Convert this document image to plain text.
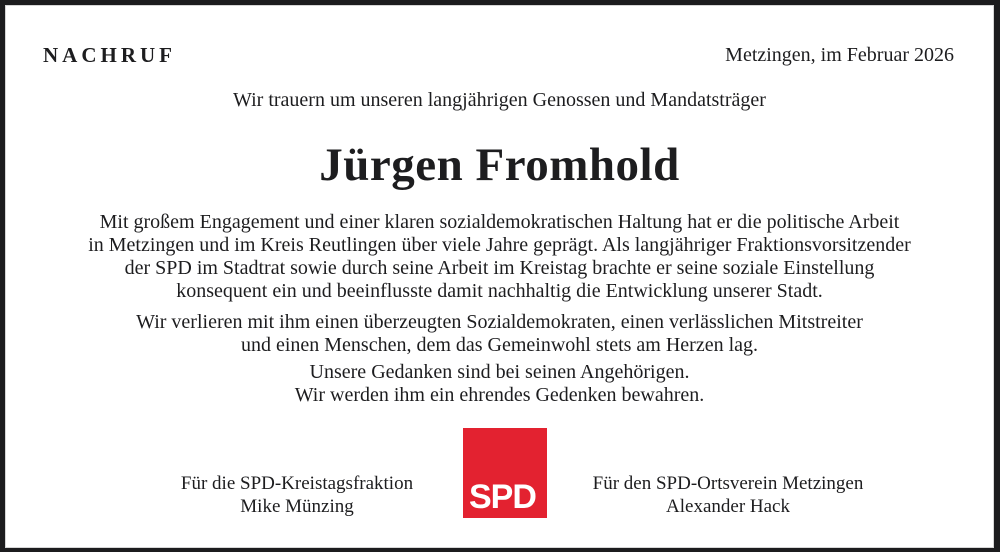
NACHRUF	Metzingen, im Februar 2026
Wir trauern um unseren langjährigen Genossen und Mandatsträger
Jürgen Fromhold
Mit großem Engagement und einer klaren sozialdemokratischen Haltung hat er die politische Arbeit
in Metzingen und im Kreis Reutlingen über viele Jahre geprägt. Als langjähriger Fraktionsvorsitzender
der SPD im Stadtrat sowie durch seine Arbeit im Kreistag brachte er seine soziale Einstellung
konsequent ein und beeinflusste damit nachhaltig die Entwicklung unserer Stadt.
Wir verlieren mit ihm einen überzeugten Sozialdemokraten, einen verlässlichen Mitstreiter
und einen Menschen, dem das Gemeinwohl stets am Herzen lag.
Unsere Gedanken sind bei seinen Angehörigen.
Wir werden ihm ein ehrendes Gedenken bewahren.
Für die SPD-Kreistagsfraktion
Mike Münzing	SPD	Für den SPD-Ortsverein Metzingen
Alexander Hack
